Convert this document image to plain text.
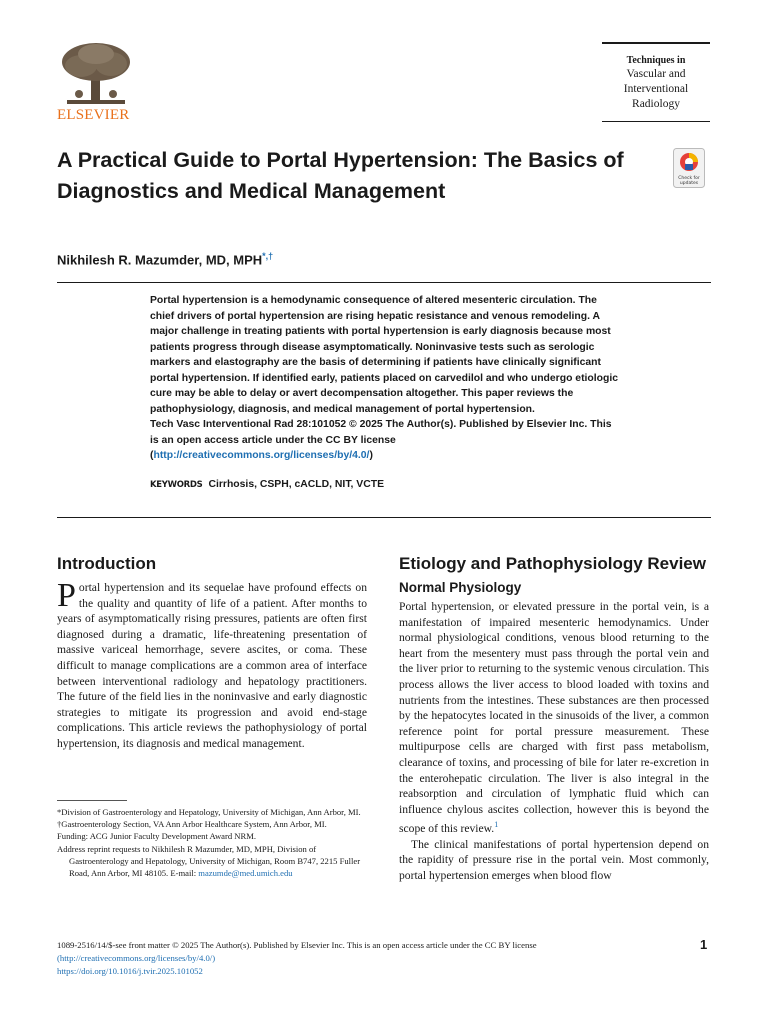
ELSEVIER
Techniques in
Vascular and
Interventional
Radiology
A Practical Guide to Portal Hypertension: The Basics of Diagnostics and Medical Management
Check for
updates
Nikhilesh R. Mazumder, MD, MPH*,†
Portal hypertension is a hemodynamic consequence of altered mesenteric circulation. The chief drivers of portal hypertension are rising hepatic resistance and venous remodeling. A major challenge in treating patients with portal hypertension is early diagnosis because most patients progress through disease asymptomatically. Noninvasive tests such as serologic markers and elastography are the basis of determining if patients have clinically significant portal hypertension. If identified early, patients placed on carvedilol and who undergo etiologic cure may be able to delay or avert decompensation altogether. This paper reviews the pathophysiology, diagnosis, and medical management of portal hypertension.
Tech Vasc Interventional Rad 28:101052 © 2025 The Author(s). Published by Elsevier Inc. This is an open access article under the CC BY license (http://creativecommons.org/licenses/by/4.0/)
KEYWORDS Cirrhosis, CSPH, cACLD, NIT, VCTE
Introduction

Portal hypertension and its sequelae have profound effects on the quality and quantity of life of a patient. After months to years of asymptomatically rising pressures, patients are often first diagnosed during a dramatic, life-threatening presentation of massive variceal hemorrhage, severe ascites, or coma. These difficult to manage complications are a common area of interface between interventional radiology and hepatology practitioners. The future of the field lies in the noninvasive and early diagnostic strategies to mitigate its progression and avoid end-stage complications. This article reviews the pathophysiology of portal hypertension, its diagnosis and medical management.

*Division of Gastroenterology and Hepatology, University of Michigan, Ann Arbor, MI.

†Gastroenterology Section, VA Ann Arbor Healthcare System, Ann Arbor, MI.

Funding: ACG Junior Faculty Development Award NRM.

Address reprint requests to Nikhilesh R Mazumder, MD, MPH, Division of Gastroenterology and Hepatology, University of Michigan, Room B747, 2215 Fuller Road, Ann Arbor, MI 48105. E-mail: mazumde@med.umich.edu

Etiology and Pathophysiology Review
Normal Physiology

Portal hypertension, or elevated pressure in the portal vein, is a manifestation of impaired mesenteric hemodynamics. Under normal physiological conditions, venous blood returning to the heart from the mesentery must pass through the portal vein and the liver prior to returning to the systemic venous circulation. This process allows the liver access to blood loaded with toxins and nutrients from the intestines. These substances are then processed by the hepatocytes located in the sinusoids of the liver, a common reference point for portal pressure measurement. These multipurpose cells are charged with first pass metabolism, clearance of toxins, and processing of bile for later re-excretion in the enterohepatic circulation. The liver is also integral in the reabsorption and circulation of lymphatic fluid which can influence chylous ascites collection, however this is beyond the scope of this review.$^1$

The clinical manifestations of portal hypertension depend on the rapidity of pressure rise in the portal vein. Most commonly, portal hypertension emerges when blood flow

1089-2516/14/$-see front matter © 2025 The Author(s). Published by Elsevier Inc. This is an open access article under the CC BY license
(http://creativecommons.org/licenses/by/4.0/)
https://doi.org/10.1016/j.tvir.2025.101052
1
